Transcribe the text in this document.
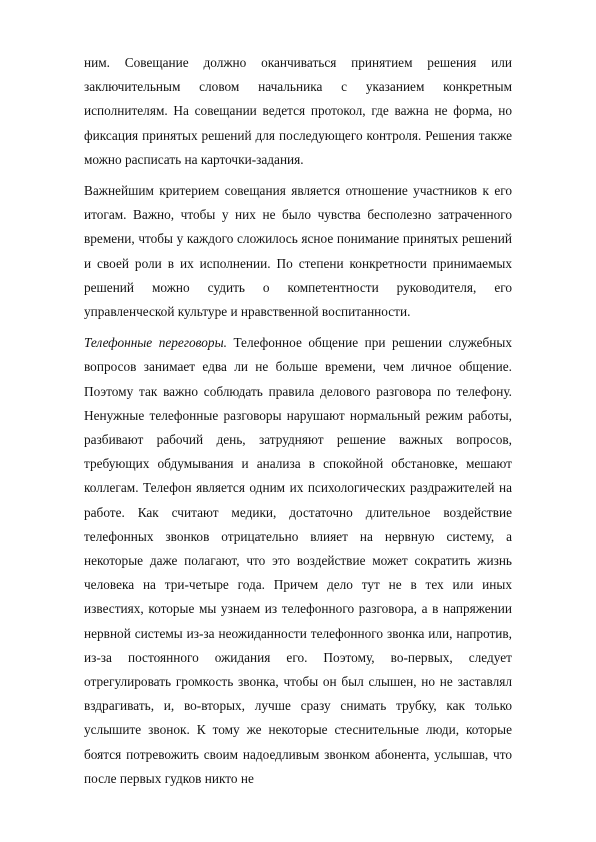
ним. Совещание должно оканчиваться принятием решения или заключительным словом начальника с указанием конкретным исполнителям. На совещании ведется протокол, где важна не форма, но фиксация принятых решений для последующего контроля. Решения также можно расписать на карточки-задания.

Важнейшим критерием совещания является отношение участников к его итогам. Важно, чтобы у них не было чувства бесполезно затраченного времени, чтобы у каждого сложилось ясное понимание принятых решений и своей роли в их исполнении. По степени конкретности принимаемых решений можно судить о компетентности руководителя, его управленческой культуре и нравственной воспитанности.

Телефонные переговоры. Телефонное общение при решении служебных вопросов занимает едва ли не больше времени, чем личное общение. Поэтому так важно соблюдать правила делового разговора по телефону. Ненужные телефонные разговоры нарушают нормальный режим работы, разбивают рабочий день, затрудняют решение важных вопросов, требующих обдумывания и анализа в спокойной обстановке, мешают коллегам. Телефон является одним их психологических раздражителей на работе. Как считают медики, достаточно длительное воздействие телефонных звонков отрицательно влияет на нервную систему, а некоторые даже полагают, что это воздействие может сократить жизнь человека на три-четыре года. Причем дело тут не в тех или иных известиях, которые мы узнаем из телефонного разговора, а в напряжении нервной системы из-за неожиданности телефонного звонка или, напротив, из-за постоянного ожидания его. Поэтому, во-первых, следует отрегулировать громкость звонка, чтобы он был слышен, но не заставлял вздрагивать, и, во-вторых, лучше сразу снимать трубку, как только услышите звонок. К тому же некоторые стеснительные люди, которые боятся потревожить своим надоедливым звонком абонента, услышав, что после первых гудков никто не
